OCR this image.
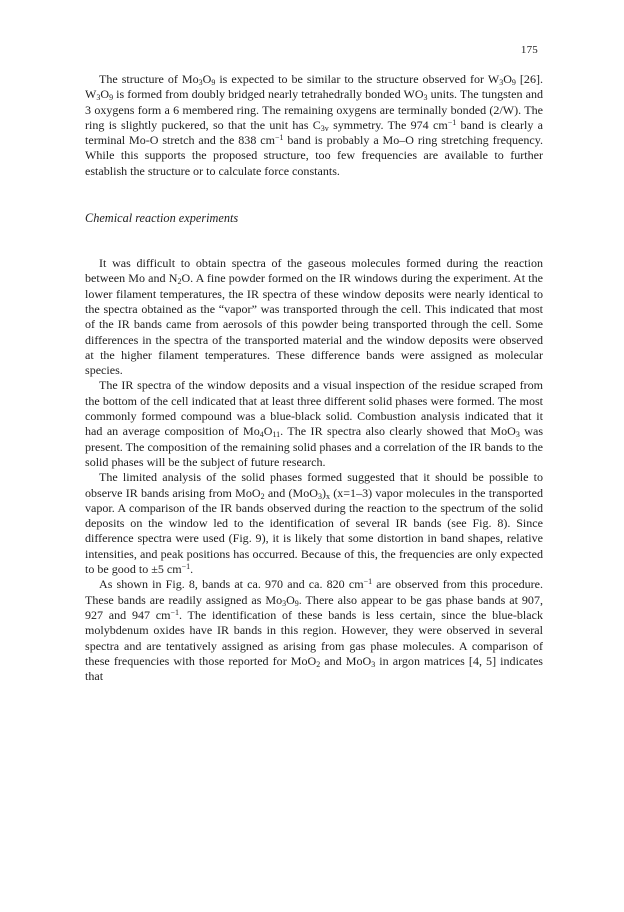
175

The structure of $Mo_3O_9$ is expected to be similar to the structure observed for $W_3O_9$ [26]. $W_3O_9$ is formed from doubly bridged nearly tetrahedrally bonded $WO_3$ units. The tungsten and 3 oxygens form a 6 membered ring. The remaining oxygens are terminally bonded (2/W). The ring is slightly puckered, so that the unit has $C_{3v}$ symmetry. The 974 $cm^{-1}$ band is clearly a terminal Mo-O stretch and the 838 $cm^{-1}$ band is probably a Mo–O ring stretching frequency. While this supports the proposed structure, too few frequencies are available to further establish the structure or to calculate force constants.

Chemical reaction experiments

It was difficult to obtain spectra of the gaseous molecules formed during the reaction between Mo and $N_2O$. A fine powder formed on the IR windows during the experiment. At the lower filament temperatures, the IR spectra of these window deposits were nearly identical to the spectra obtained as the “vapor” was transported through the cell. This indicated that most of the IR bands came from aerosols of this powder being transported through the cell. Some differences in the spectra of the transported material and the window deposits were observed at the higher filament temperatures. These difference bands were assigned as molecular species.

The IR spectra of the window deposits and a visual inspection of the residue scraped from the bottom of the cell indicated that at least three different solid phases were formed. The most commonly formed compound was a blue-black solid. Combustion analysis indicated that it had an average composition of $Mo_4O_{11}$. The IR spectra also clearly showed that MoO$_3$ was present. The composition of the remaining solid phases and a correlation of the IR bands to the solid phases will be the subject of future research.

The limited analysis of the solid phases formed suggested that it should be possible to observe IR bands arising from MoO$_2$ and $(MoO_3)_x$ (x=1–3) vapor molecules in the transported vapor. A comparison of the IR bands observed during the reaction to the spectrum of the solid deposits on the window led to the identification of several IR bands (see Fig. 8). Since difference spectra were used (Fig. 9), it is likely that some distortion in band shapes, relative intensities, and peak positions has occurred. Because of this, the frequencies are only expected to be good to ±5 $cm^{-1}$.

As shown in Fig. 8, bands at ca. 970 and ca. 820 $cm^{-1}$ are observed from this procedure. These bands are readily assigned as $Mo_3O_9$. There also appear to be gas phase bands at 907, 927 and 947 $cm^{-1}$. The identification of these bands is less certain, since the blue-black molybdenum oxides have IR bands in this region. However, they were observed in several spectra and are tentatively assigned as arising from gas phase molecules. A comparison of these frequencies with those reported for MoO$_2$ and MoO$_3$ in argon matrices [4, 5] indicates that
